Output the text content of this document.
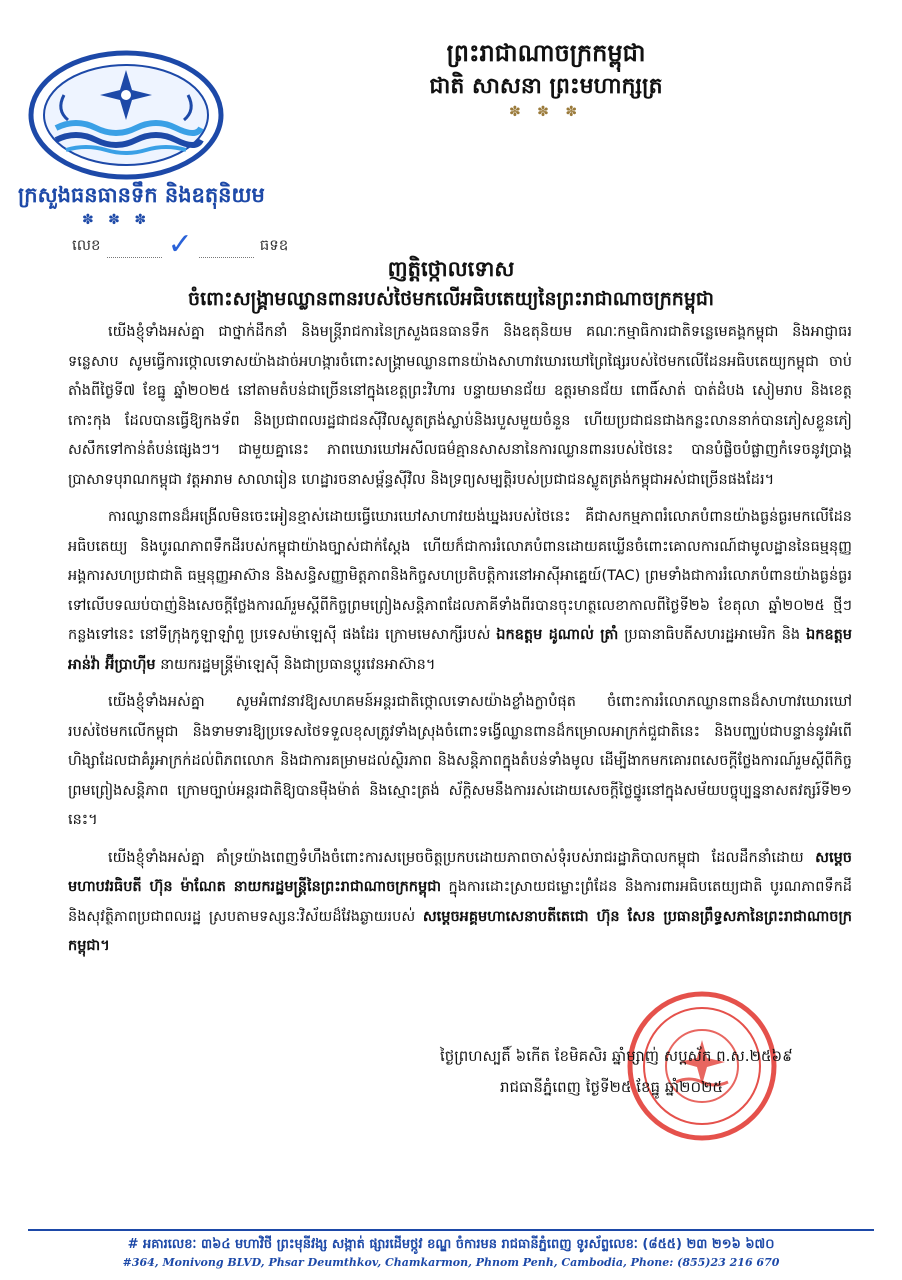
ព្រះរាជាណាចក្រកម្ពុជា
ជាតិ សាសនា ព្រះមហាក្សត្រ
✽ ✽ ✽
ក្រសួងធនធានទឹក និងឧតុនិយម
✽ ✽ ✽
លេខ ✓	ធទឧ
ញត្តិថ្កោលទោស
ចំពោះសង្គ្រាមឈ្លានពានរបស់ថៃមកលើអធិបតេយ្យនៃព្រះរាជាណាចក្រកម្ពុជា

យើងខ្ញុំទាំងអស់គ្នា ជាថ្នាក់ដឹកនាំ និងមន្ត្រីរាជការនៃក្រសួងធនធានទឹក និងឧតុនិយម គណៈកម្មាធិការជាតិទន្លេមេគង្គកម្ពុជា និងអាជ្ញាធរទន្លេសាប សូមធ្វើការថ្កោលទោសយ៉ាងដាច់អហង្ការចំពោះសង្គ្រាមឈ្លានពានយ៉ាងសាហាវឃោរឃៅព្រៃផ្សៃរបស់ថៃមកលើដែនអធិបតេយ្យកម្ពុជា ចាប់តាំងពីថ្ងៃទី៧ ខែធ្នូ ឆ្នាំ២០២៥ នៅតាមតំបន់ជាច្រើននៅក្នុងខេត្តព្រះវិហារ បន្ទាយមានជ័យ ឧត្តរមានជ័យ ពោធិ៍សាត់ បាត់ដំបង សៀមរាប និងខេត្តកោះកុង ដែលបានធ្វើឱ្យកងទ័ព និងប្រជាពលរដ្ឋជាជនស៊ីវិលស្លូតត្រង់ស្លាប់និងរបួសមួយចំនួន ហើយប្រជាជនជាងកន្លះលាននាក់បានភៀសខ្លួនភៀសសឹកទៅកាន់តំបន់ផ្សេងៗ។ ជាមួយគ្នានេះ ភាពឃោរឃៅអសីលធម៌គ្មានសាសនានៃការឈ្លានពានរបស់ថៃនេះ បានបំផ្លិចបំផ្លាញកំទេចនូវប្រាង្គប្រាសាទបុរាណកម្ពុជា វត្តអារាម សាលារៀន ហេដ្ឋារចនាសម្ព័ន្ធស៊ីវិល និងទ្រព្យសម្បត្តិរបស់ប្រជាជនស្លូតត្រង់កម្ពុជាអស់ជាច្រើនផងដែរ។

ការឈ្លានពានដ៏អង្រើលមិនចេះអៀនខ្មាស់ដោយធ្វើឃោរឃៅសាហាវយង់ឃ្នងរបស់ថៃនេះ គឺជាសកម្មភាពរំលោភបំពានយ៉ាងធ្ងន់ធ្ងរមកលើដែនអធិបតេយ្យ និងបូរណភាពទឹកដីរបស់កម្ពុជាយ៉ាងច្បាស់ជាក់ស្តែង ហើយក៏ជាការរំលោភបំពានដោយគឃ្លើនចំពោះគោលការណ៍ជាមូលដ្ឋាននៃធម្មនុញ្ញអង្គការសហប្រជាជាតិ ធម្មនុញ្ញអាស៊ាន និងសន្ធិសញ្ញាមិត្តភាពនិងកិច្ចសហប្រតិបត្តិការនៅអាស៊ីអាគ្នេយ៍(TAC) ព្រមទាំងជាការរំលោភបំពានយ៉ាងធ្ងន់ធ្ងរទៅលើបទឈប់បាញ់និងសេចក្តីថ្លែងការណ៍រួមស្តីពីកិច្ចព្រមព្រៀងសន្តិភាពដែលភាគីទាំងពីរបានចុះហត្ថលេខាកាលពីថ្ងៃទី២៦ ខែតុលា ឆ្នាំ២០២៥ ថ្មីៗកន្លងទៅនេះ នៅទីក្រុងកូឡាឡាំពួ ប្រទេសម៉ាឡេស៊ី ផងដែរ ក្រោមមេសាក្សីរបស់ ឯកឧត្តម ដូណាល់ ត្រាំ ប្រធានាធិបតីសហរដ្ឋអាមេរិក និង ឯកឧត្តម អាន់វ៉ា អ៊ីប្រាហ៊ីម នាយករដ្ឋមន្ត្រីម៉ាឡេស៊ី និងជាប្រធានប្តូរវេនអាស៊ាន។

យើងខ្ញុំទាំងអស់គ្នា សូមអំពាវនាវឱ្យសហគមន៍អន្តរជាតិថ្កោលទោសយ៉ាងខ្លាំងក្លាបំផុត ចំពោះការរំលោភឈ្លានពានដ៏សាហាវឃោរឃៅរបស់ថៃមកលើកម្ពុជា និងទាមទារឱ្យប្រទេសថៃទទួលខុសត្រូវទាំងស្រុងចំពោះទង្វើឈ្លានពានដ៏កម្រោលអាក្រក់ជួជាតិនេះ និងបញ្ឈប់ជាបន្ទាន់នូវអំពើហិង្សាដែលជាគំរូអាក្រក់ដល់ពិភពលោក និងជាការគម្រាមដល់ស្ថិរភាព និងសន្តិភាពក្នុងតំបន់ទាំងមូល ដើម្បីងាកមកគោរពសេចក្តីថ្លែងការណ៍រួមស្តីពីកិច្ចព្រមព្រៀងសន្តិភាព ក្រោមច្បាប់អន្តរជាតិឱ្យបានម៉ឺងម៉ាត់ និងស្មោះត្រង់ ស័ក្តិសមនឹងការរស់ដោយសេចក្តីថ្លៃថ្នូរនៅក្នុងសម័យបច្ចុប្បន្ននាសតវត្សរ៍ទី២១ នេះ។

យើងខ្ញុំទាំងអស់គ្នា គាំទ្រយ៉ាងពេញទំហឹងចំពោះការសម្រេចចិត្តប្រកបដោយភាពចាស់ទុំរបស់រាជរដ្ឋាភិបាលកម្ពុជា ដែលដឹកនាំដោយ សម្តេចមហាបវរធិបតី ហ៊ុន ម៉ាណែត នាយករដ្ឋមន្ត្រីនៃព្រះរាជាណាចក្រកម្ពុជា ក្នុងការដោះស្រាយជម្លោះព្រំដែន និងការពារអធិបតេយ្យជាតិ បូរណភាពទឹកដី និងសុវត្ថិភាពប្រជាពលរដ្ឋ ស្របតាមទស្សនៈវិស័យដ៏វែងឆ្ងាយរបស់ សម្តេចអគ្គមហាសេនាបតីតេជោ ហ៊ុន សែន ប្រធានព្រឹទ្ធសភានៃព្រះរាជាណាចក្រកម្ពុជា។

ថ្ងៃព្រហស្បតិ៍ ៦កើត ខែមិគសិរ ឆ្នាំម្សាញ់ សប្តស័ក ព.ស.២៥៦៩
រាជធានីភ្នំពេញ ថ្ងៃទី២៥ ខែធ្នូ ឆ្នាំ២០២៥
# អគារលេខៈ ៣៦៤ មហាវិថី ព្រះមុនីវង្ស សង្កាត់ ផ្សារដើមថ្កូវ ខណ្ឌ ចំការមន រាជធានីភ្នំពេញ ទូរស័ព្ទលេខៈ (៨៥៥) ២៣ ២១៦ ៦៧០
#364, Monivong BLVD, Phsar Deumthkov, Chamkarmon, Phnom Penh, Cambodia, Phone: (855)23 216 670
